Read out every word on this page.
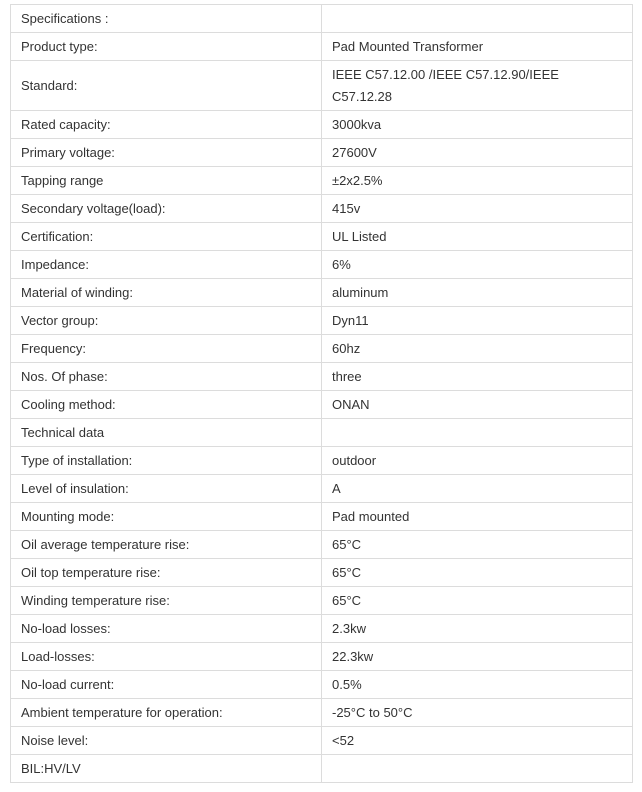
Specifications :	
Product type:	Pad Mounted Transformer
Standard:	IEEE C57.12.00 /IEEE C57.12.90/IEEE C57.12.28
Rated capacity:	3000kva
Primary voltage:	27600V
Tapping range	±2x2.5%
Secondary voltage(load):	415v
Certification:	UL Listed
Impedance:	6%
Material of winding:	aluminum
Vector group:	Dyn11
Frequency:	60hz
Nos. Of phase:	three
Cooling method:	ONAN
Technical data	
Type of installation:	outdoor
Level of insulation:	A
Mounting mode:	Pad mounted
Oil average temperature rise:	65°C
Oil top temperature rise:	65°C
Winding temperature rise:	65°C
No-load losses:	2.3kw
Load-losses:	22.3kw
No-load current:	0.5%
Ambient temperature for operation:	-25°C to 50°C
Noise level:	<52
BIL:HV/LV	
